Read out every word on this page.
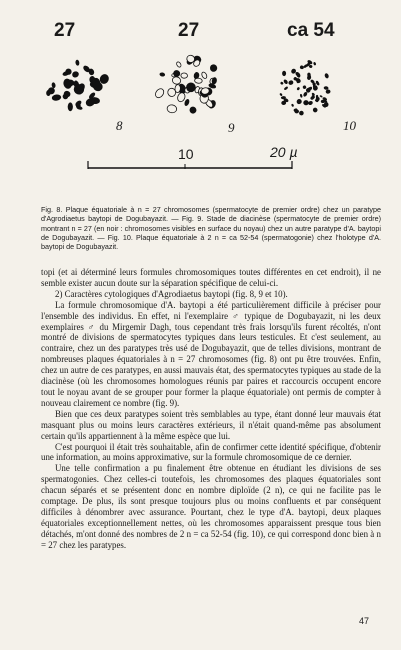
27	27	ca 54
8	9	10
10	20 µ

Fig. 8. Plaque équatoriale à n = 27 chromosomes (spermatocyte de premier ordre) chez un paratype d'Agrodiaetus baytopi de Dogubayazit. — Fig. 9. Stade de diacinèse (spermatocyte de premier ordre) montrant n = 27 (en noir : chromosomes visibles en surface du noyau) chez un autre paratype d'A. baytopi de Dogubayazit. — Fig. 10. Plaque équatoriale à 2 n = ca 52-54 (spermatogonie) chez l'holotype d'A. baytopi de Dogubayazit.

topi (et ai déterminé leurs formules chromosomiques toutes différentes en cet endroit), il ne semble exister aucun doute sur la séparation spécifique de celui-ci.

2) Caractères cytologiques d'Agrodiaetus baytopi (fig. 8, 9 et 10).

La formule chromosomique d'A. baytopi a été particulièrement difficile à préciser pour l'ensemble des individus. En effet, ni l'exemplaire ♂ typique de Dogubayazit, ni les deux exemplaires ♂ du Mirgemir Dagh, tous cependant très frais lorsqu'ils furent récoltés, n'ont montré de divisions de spermatocytes typiques dans leurs testicules. Et c'est seulement, au contraire, chez un des paratypes très usé de Dogubayazit, que de telles divisions, montrant de nombreuses plaques équatoriales à n = 27 chromosomes (fig. 8) ont pu être trouvées. Enfin, chez un autre de ces paratypes, en aussi mauvais état, des spermatocytes typiques au stade de la diacinèse (où les chromosomes homologues réunis par paires et raccourcis occupent encore tout le noyau avant de se grouper pour former la plaque équatoriale) ont permis de compter à nouveau clairement ce nombre (fig. 9).

Bien que ces deux paratypes soient très semblables au type, étant donné leur mauvais état masquant plus ou moins leurs caractères extérieurs, il n'était quand-même pas absolument certain qu'ils appartiennent à la même espèce que lui.

C'est pourquoi il était très souhaitable, afin de confirmer cette identité spécifique, d'obtenir une information, au moins approximative, sur la formule chromosomique de ce dernier.

Une telle confirmation a pu finalement être obtenue en étudiant les divisions de ses spermatogonies. Chez celles-ci toutefois, les chromosomes des plaques équatoriales sont chacun séparés et se présentent donc en nombre diploïde (2 n), ce qui ne facilite pas le comptage. De plus, ils sont presque toujours plus ou moins confluents et par conséquent difficiles à dénombrer avec assurance. Pourtant, chez le type d'A. baytopi, deux plaques équatoriales exceptionnellement nettes, où les chromosomes apparaissent presque tous bien détachés, m'ont donné des nombres de 2 n = ca 52-54 (fig. 10), ce qui correspond donc bien à n = 27 chez les paratypes.

47
